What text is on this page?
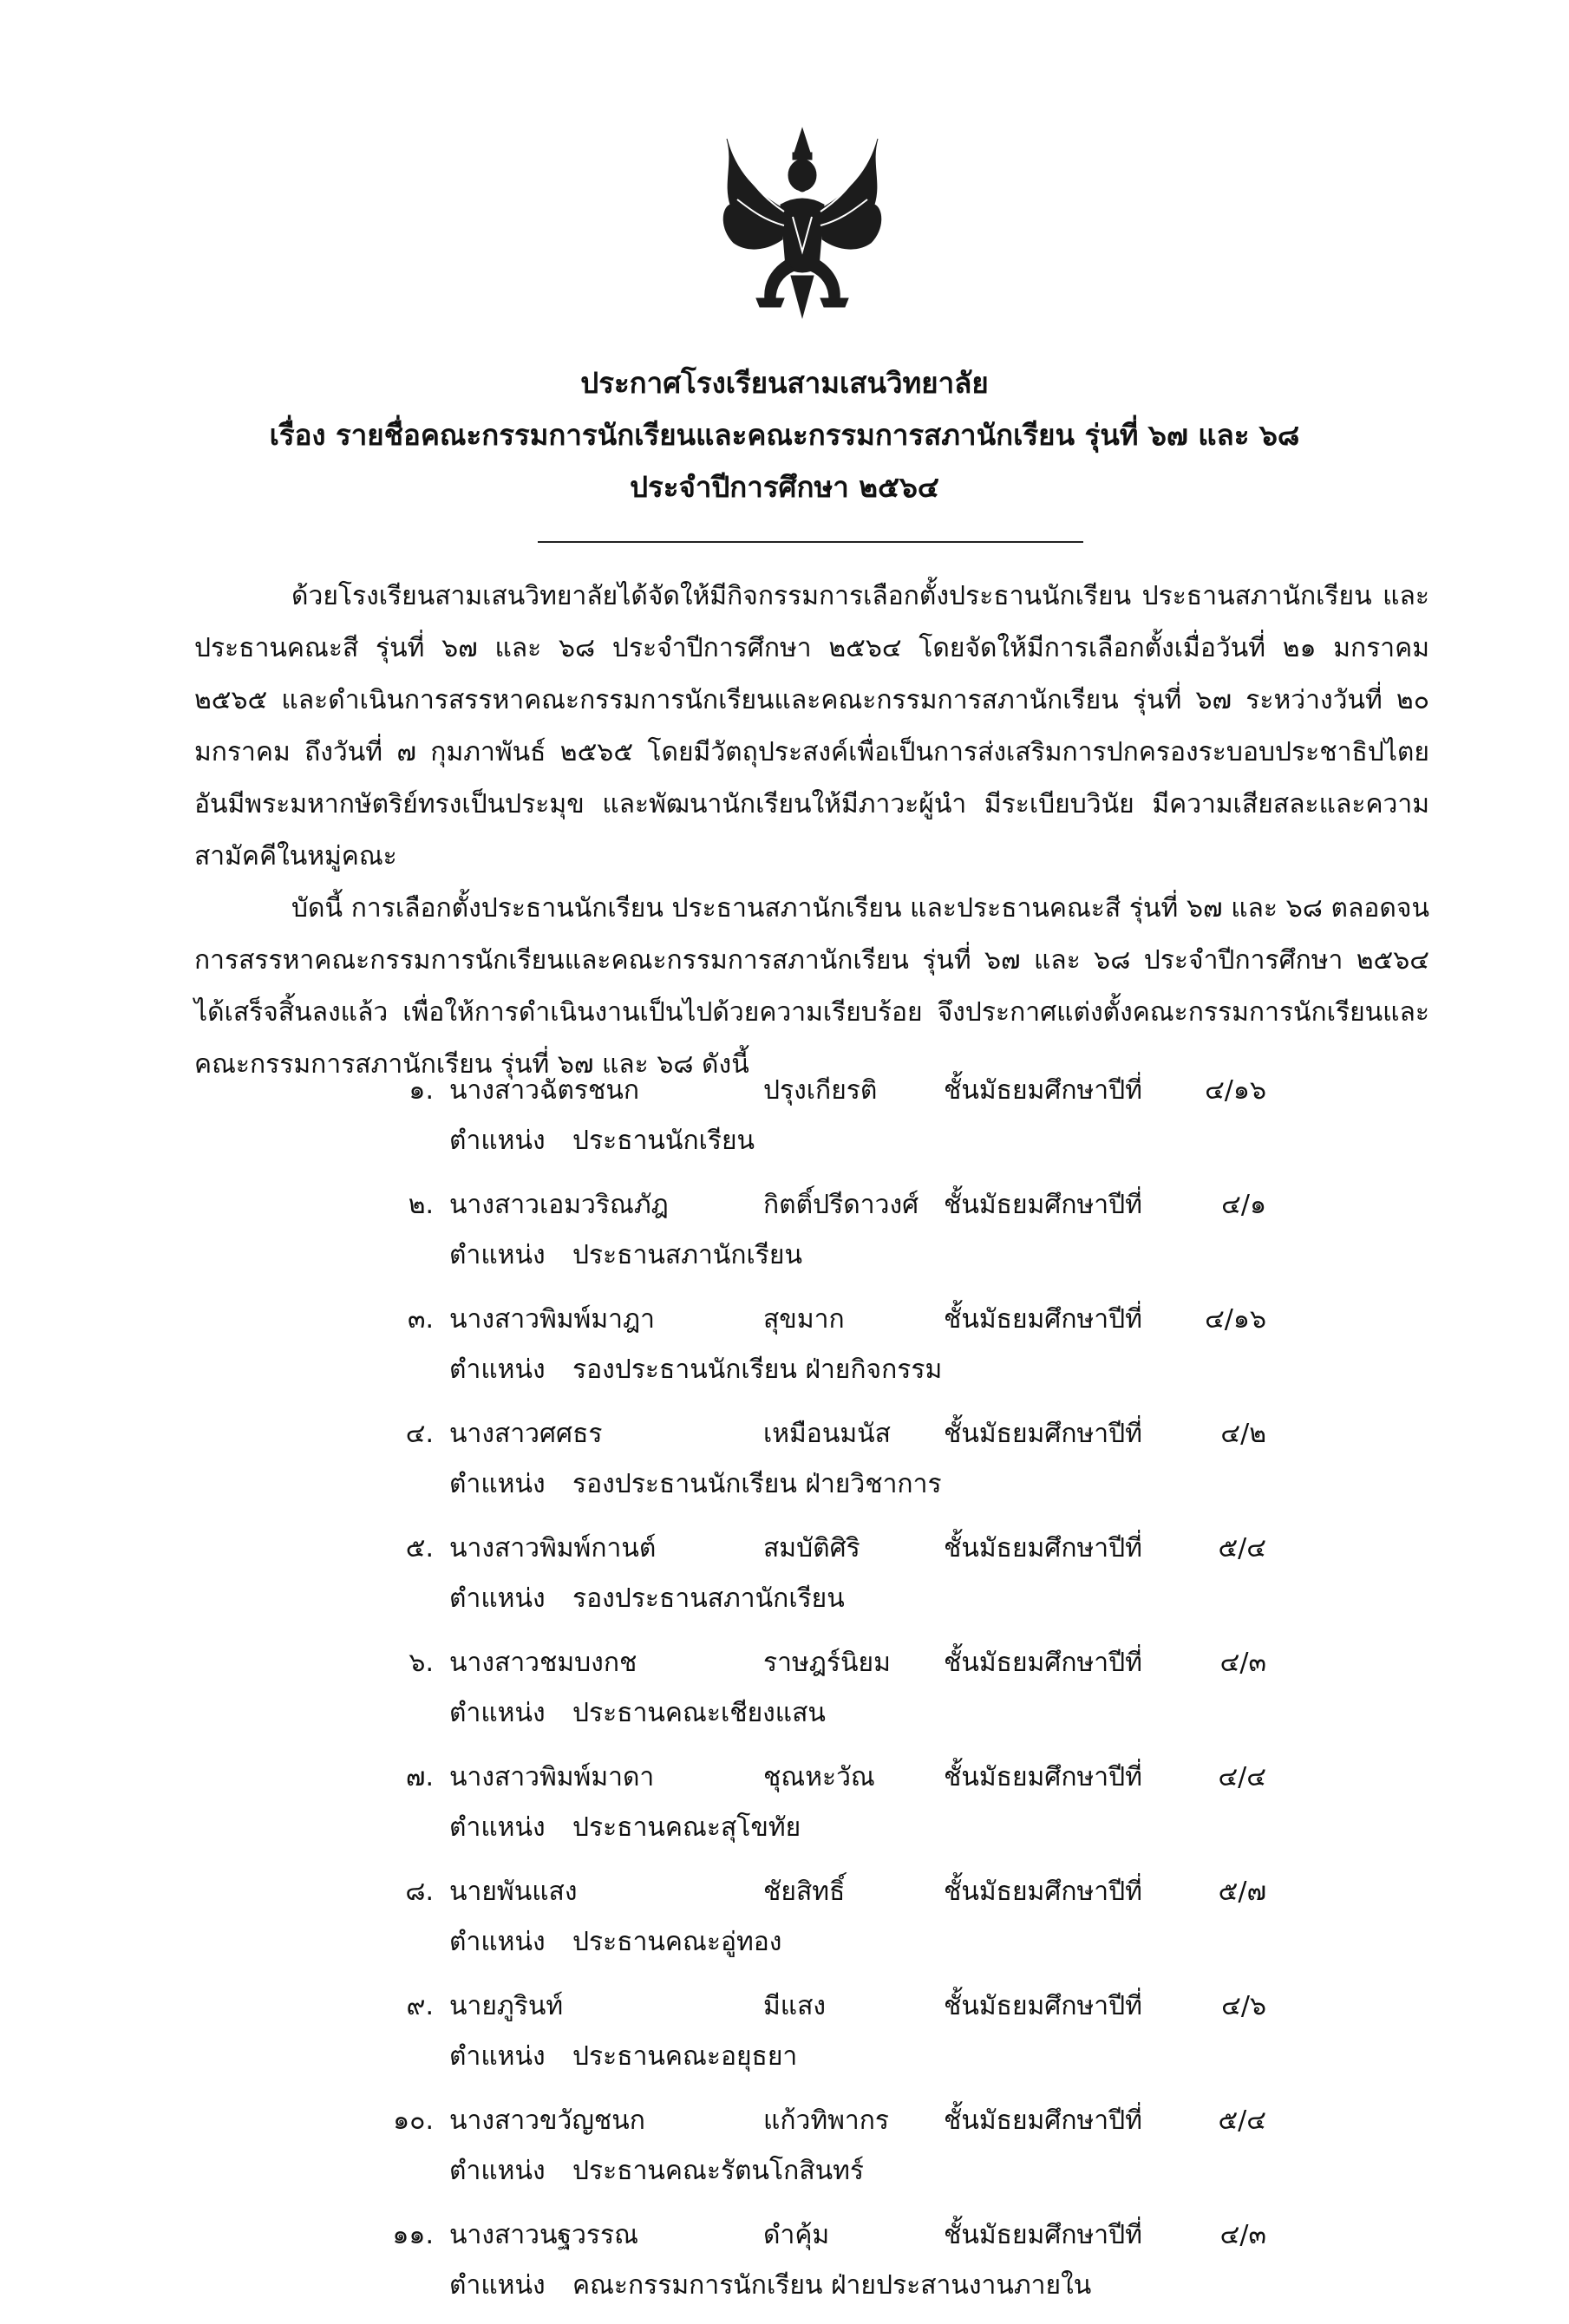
ประกาศโรงเรียนสามเสนวิทยาลัย

เรื่อง รายชื่อคณะกรรมการนักเรียนและคณะกรรมการสภานักเรียน รุ่นที่ ๖๗ และ ๖๘

ประจำปีการศึกษา ๒๕๖๔

ด้วยโรงเรียนสามเสนวิทยาลัยได้จัดให้มีกิจกรรมการเลือกตั้งประธานนักเรียน ประธานสภานักเรียน และประธานคณะสี รุ่นที่ ๖๗ และ ๖๘ ประจำปีการศึกษา ๒๕๖๔ โดยจัดให้มีการเลือกตั้งเมื่อวันที่ ๒๑ มกราคม ๒๕๖๕ และดำเนินการสรรหาคณะกรรมการนักเรียนและคณะกรรมการสภานักเรียน รุ่นที่ ๖๗ ระหว่างวันที่ ๒๐ มกราคม ถึงวันที่ ๗ กุมภาพันธ์ ๒๕๖๕ โดยมีวัตถุประสงค์เพื่อเป็นการส่งเสริมการปกครองระบอบประชาธิปไตยอันมีพระมหากษัตริย์ทรงเป็นประมุข และพัฒนานักเรียนให้มีภาวะผู้นำ มีระเบียบวินัย มีความเสียสละและความสามัคคีในหมู่คณะ

บัดนี้ การเลือกตั้งประธานนักเรียน ประธานสภานักเรียน และประธานคณะสี รุ่นที่ ๖๗ และ ๖๘ ตลอดจนการสรรหาคณะกรรมการนักเรียนและคณะกรรมการสภานักเรียน รุ่นที่ ๖๗ และ ๖๘ ประจำปีการศึกษา ๒๕๖๔ ได้เสร็จสิ้นลงแล้ว เพื่อให้การดำเนินงานเป็นไปด้วยความเรียบร้อย จึงประกาศแต่งตั้งคณะกรรมการนักเรียนและคณะกรรมการสภานักเรียน รุ่นที่ ๖๗ และ ๖๘ ดังนี้

๑. นางสาวฉัตรชนก	ปรุงเกียรติ	ชั้นมัธยมศึกษาปีที่	๔/๑๖
ตำแหน่ง ประธานนักเรียน
๒. นางสาวเอมวริณภัฎ	กิตติ์ปรีดาวงศ์ ชั้นมัธยมศึกษาปีที่	๔/๑
ตำแหน่ง ประธานสภานักเรียน
๓. นางสาวพิมพ์มาฎา	สุขมาก	ชั้นมัธยมศึกษาปีที่	๔/๑๖
ตำแหน่ง รองประธานนักเรียน ฝ่ายกิจกรรม
๔. นางสาวศศธร	เหมือนมนัส ชั้นมัธยมศึกษาปีที่	๔/๒
ตำแหน่ง รองประธานนักเรียน ฝ่ายวิชาการ
๕. นางสาวพิมพ์กานต์	สมบัติศิริ	ชั้นมัธยมศึกษาปีที่	๕/๔
ตำแหน่ง รองประธานสภานักเรียน
๖. นางสาวชมบงกช	ราษฎร์นิยม ชั้นมัธยมศึกษาปีที่	๔/๓
ตำแหน่ง ประธานคณะเชียงแสน
๗. นางสาวพิมพ์มาดา	ชุณหะวัณ	ชั้นมัธยมศึกษาปีที่	๔/๔
ตำแหน่ง ประธานคณะสุโขทัย
๘. นายพันแสง	ชัยสิทธิ์	ชั้นมัธยมศึกษาปีที่	๕/๗
ตำแหน่ง ประธานคณะอู่ทอง
๙. นายภูรินท์	มีแสง	ชั้นมัธยมศึกษาปีที่	๔/๖
ตำแหน่ง ประธานคณะอยุธยา
๑๐. นางสาวขวัญชนก	แก้วทิพากร ชั้นมัธยมศึกษาปีที่	๕/๔
ตำแหน่ง ประธานคณะรัตนโกสินทร์
๑๑. นางสาวนฐวรรณ	ดำคุ้ม	ชั้นมัธยมศึกษาปีที่	๔/๓
ตำแหน่ง คณะกรรมการนักเรียน ฝ่ายประสานงานภายใน
